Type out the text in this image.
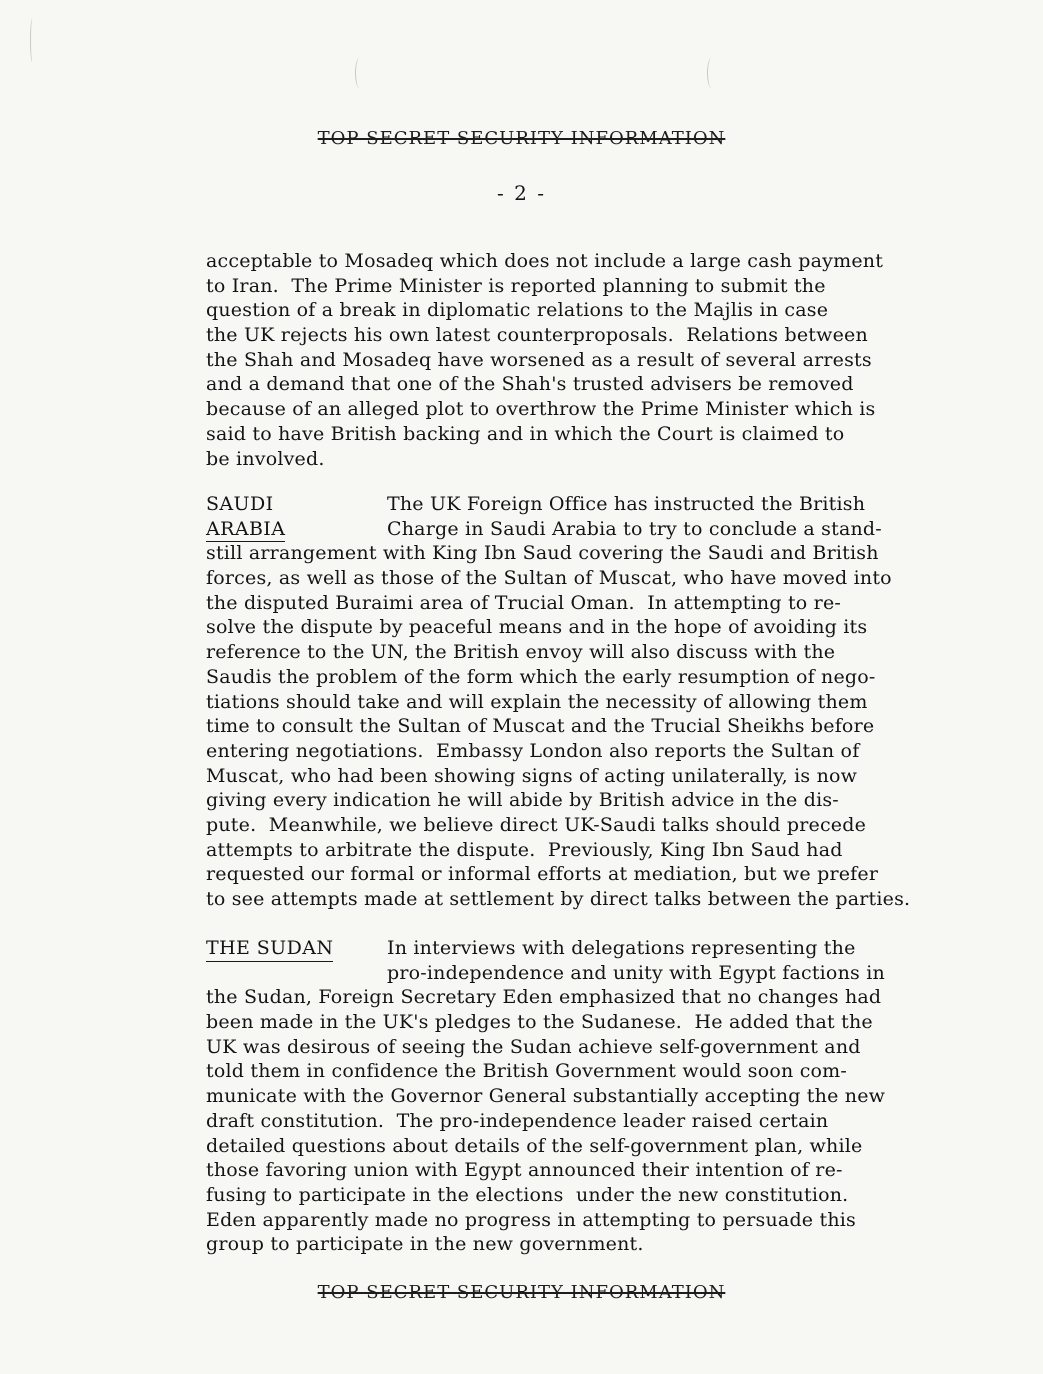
TOP SECRET SECURITY INFORMATION
- 2 -
acceptable to Mosadeq which does not include a large cash payment
to Iran.  The Prime Minister is reported planning to submit the
question of a break in diplomatic relations to the Majlis in case
the UK rejects his own latest counterproposals.  Relations between
the Shah and Mosadeq have worsened as a result of several arrests
and a demand that one of the Shah's trusted advisers be removed
because of an alleged plot to overthrow the Prime Minister which is
said to have British backing and in which the Court is claimed to
be involved.
SAUDI
ARABIA
The UK Foreign Office has instructed the British
Charge in Saudi Arabia to try to conclude a stand-
still arrangement with King Ibn Saud covering the Saudi and British
forces, as well as those of the Sultan of Muscat, who have moved into
the disputed Buraimi area of Trucial Oman.  In attempting to re-
solve the dispute by peaceful means and in the hope of avoiding its
reference to the UN, the British envoy will also discuss with the
Saudis the problem of the form which the early resumption of nego-
tiations should take and will explain the necessity of allowing them
time to consult the Sultan of Muscat and the Trucial Sheikhs before
entering negotiations.  Embassy London also reports the Sultan of
Muscat, who had been showing signs of acting unilaterally, is now
giving every indication he will abide by British advice in the dis-
pute.  Meanwhile, we believe direct UK-Saudi talks should precede
attempts to arbitrate the dispute.  Previously, King Ibn Saud had
requested our formal or informal efforts at mediation, but we prefer
to see attempts made at settlement by direct talks between the parties.
THE SUDAN	In interviews with delegations representing the
pro-independence and unity with Egypt factions in
the Sudan, Foreign Secretary Eden emphasized that no changes had
been made in the UK's pledges to the Sudanese.  He added that the
UK was desirous of seeing the Sudan achieve self-government and
told them in confidence the British Government would soon com-
municate with the Governor General substantially accepting the new
draft constitution.  The pro-independence leader raised certain
detailed questions about details of the self-government plan, while
those favoring union with Egypt announced their intention of re-
fusing to participate in the elections  under the new constitution.
Eden apparently made no progress in attempting to persuade this
group to participate in the new government.
TOP SECRET SECURITY INFORMATION
